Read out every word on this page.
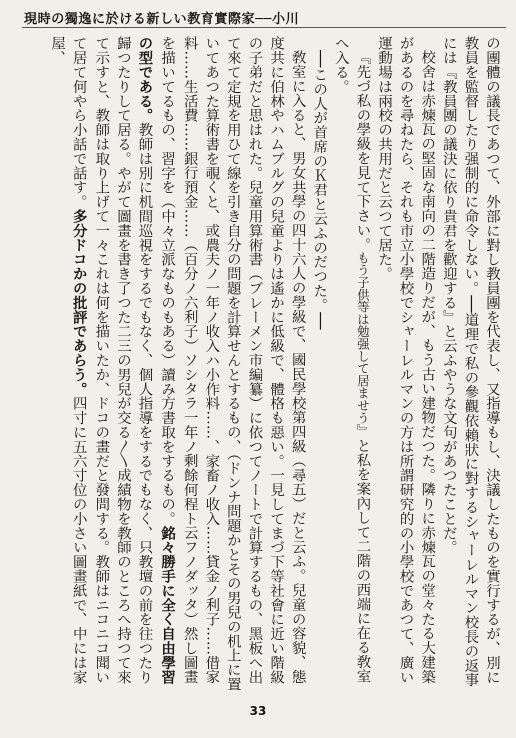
現時の獨逸に於ける新しい教育實際家──小川

の團體の議長であつて、外部に對し教員團を代表し、又指導もし、決議したものを實行するが、別に教員を監督したり强制的に命令しない。──道理で私の參觀依賴狀に對するシャーレルマン校長の返事には『教員團の議決に依り貴君を歡迎する』と云ふやうな文句があつたことだ。

校舍は赤煉瓦の堅固な南向の二階造りだが、もう古い建物だつた。隣りに赤煉瓦の堂々たる大建築があるのを尋ねたら、それも市立小學校でシャーレルマンの方は所謂研究的の小學校であつて、廣い運動場は兩校の共用だと云つて居た。

『先づ私の學級を見て下さい。もう子供等は勉强して居ませう』と私を案內して二階の西端に在る敎室へ入る。

──この人が首席のＫ君と云ふのだつた。──

敎室に入ると、男女共學の四十六人の學級で、國民學校第四級（尋五）だと云ふ。兒童の容貌、態度共に伯林やハムブルグの兒童よりは遙かに低級で、體格も惡い。一見してまづ下等社會に近い階級の子弟だと思はれた。兒童用算術書（ブレーメン市編纂）に依つてノートで計算するもの、黑板へ出て來て定規を用ひて線を引き自分の問題を計算せんとするもの、（ドンナ問題かとその男兒の机上に置いてあつた算術書を覗くと、或農夫ノ一年ノ收入ハ小作料……、家畜ノ收入……貸金ノ利子……借家料……生活費……銀行預金……（百分ノ六利子）ソシタラ一年ノ剩餘何程ト云フノダッタ）然し圖畫を描いてるもの、習字を（中々立派なものもある）讀み方書取をするもの。銘々勝手に全く自由學習の型である。教師は別に机間巡視をするでもなく、個人指導をするでもなく、只教壇の前を往つたり歸つたりして居る。やがて圖畫を書き了つた二三の男兒が交る〳〵成績物を教師のところへ持つて來て示すと、教師は取り上げて一々これは何を描いたか、ドコの畫だと發問する。教師はニコニコ聞いて居て何やら小話で話す。多分ドコかの批評であらう。四寸に五六寸位の小さい圖畫紙で、中には家屋、

33
